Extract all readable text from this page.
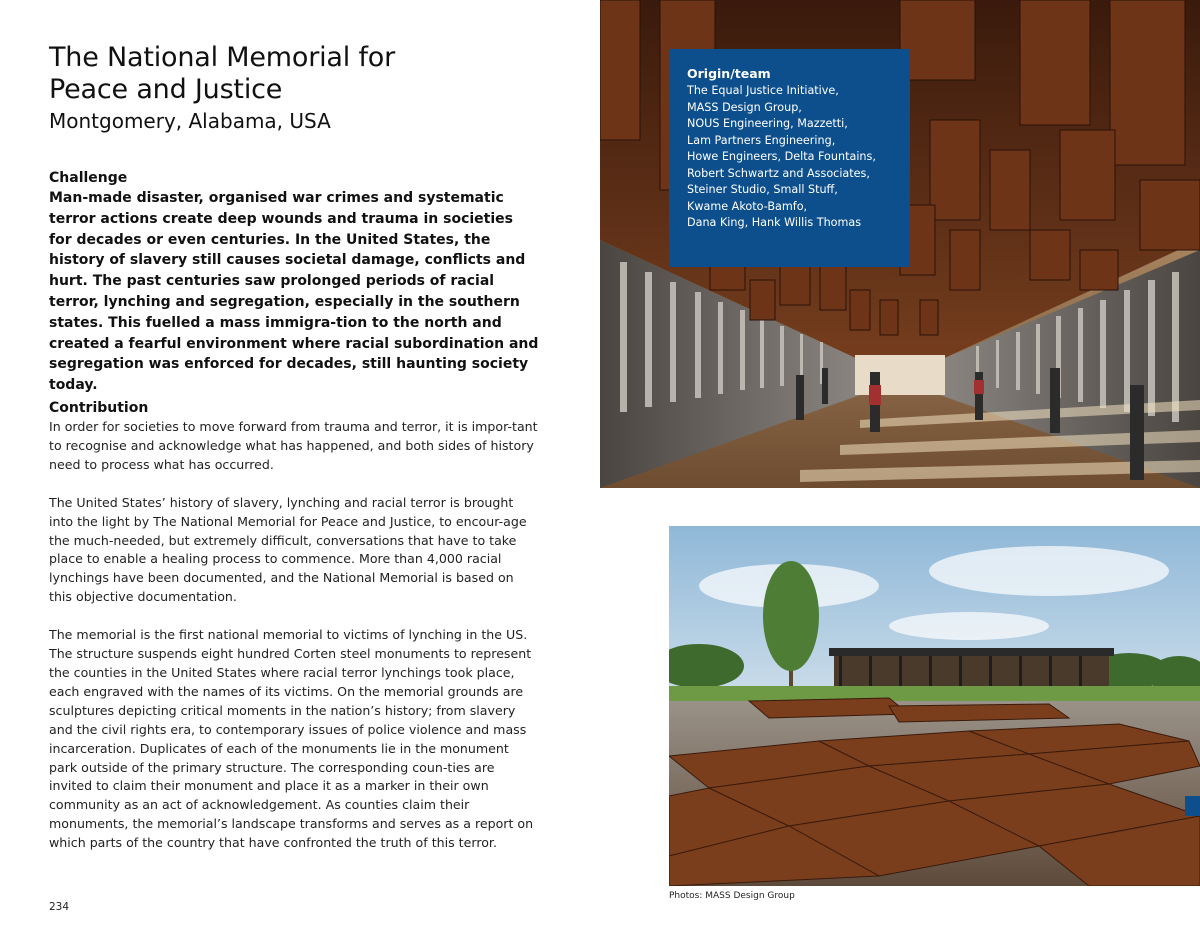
The National Memorial for
Peace and Justice

Montgomery, Alabama, USA

Challenge

Man-made disaster, organised war crimes and systematic terror actions create deep wounds and trauma in societies for decades or even centuries. In the United States, the history of slavery still causes societal damage, conflicts and hurt. The past centuries saw prolonged periods of racial terror, lynching and segregation, especially in the southern states. This fuelled a mass immigra-tion to the north and created a fearful environment where racial subordination and segregation was enforced for decades, still haunting society today.

Contribution

In order for societies to move forward from trauma and terror, it is impor-tant to recognise and acknowledge what has happened, and both sides of history need to process what has occurred.

The United States’ history of slavery, lynching and racial terror is brought into the light by The National Memorial for Peace and Justice, to encour-age the much-needed, but extremely difficult, conversations that have to take place to enable a healing process to commence. More than 4,000 racial lynchings have been documented, and the National Memorial is based on this objective documentation.

The memorial is the first national memorial to victims of lynching in the US. The structure suspends eight hundred Corten steel monuments to represent the counties in the United States where racial terror lynchings took place, each engraved with the names of its victims. On the memorial grounds are sculptures depicting critical moments in the nation’s history; from slavery and the civil rights era, to contemporary issues of police violence and mass incarceration. Duplicates of each of the monuments lie in the monument park outside of the primary structure. The corresponding coun-ties are invited to claim their monument and place it as a marker in their own community as an act of acknowledgement. As counties claim their monuments, the memorial’s landscape transforms and serves as a report on which parts of the country that have confronted the truth of this terror.

234

Origin/team

The Equal Justice Initiative,

MASS Design Group,

NOUS Engineering, Mazzetti,

Lam Partners Engineering,

Howe Engineers, Delta Fountains,

Robert Schwartz and Associates,

Steiner Studio, Small Stuff,

Kwame Akoto-Bamfo,

Dana King, Hank Willis Thomas

Photos: MASS Design Group
